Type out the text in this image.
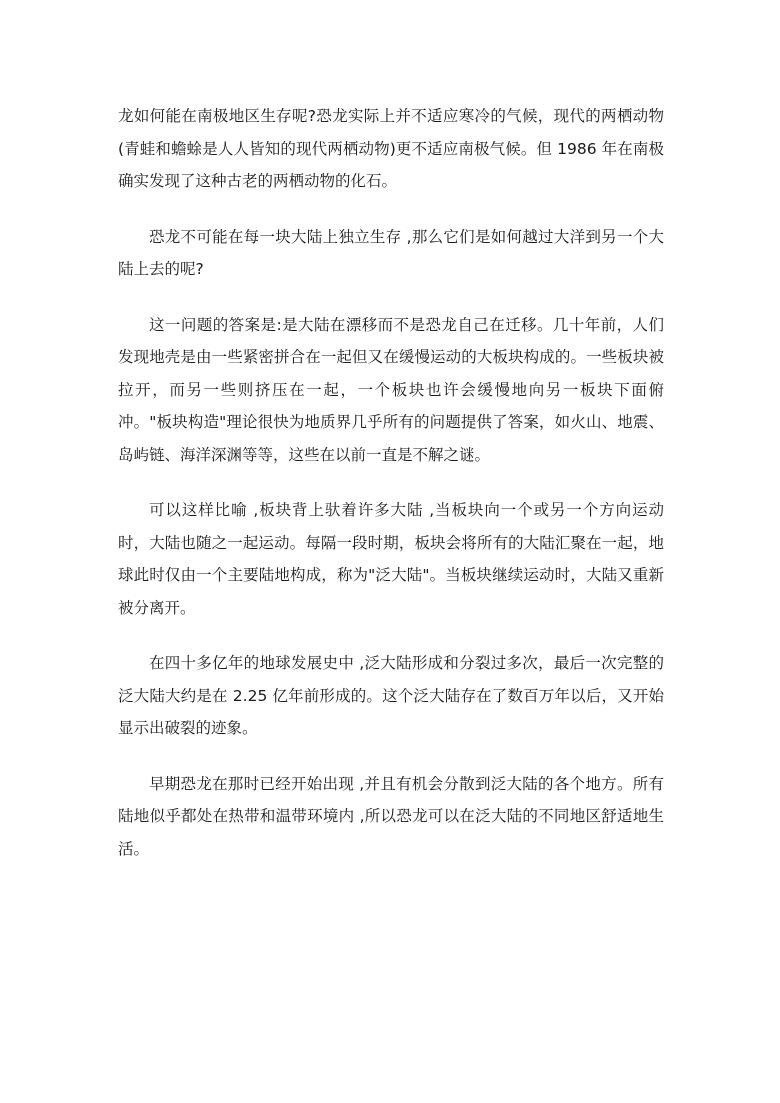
龙如何能在南极地区生存呢?恐龙实际上并不适应寒冷的气候，现代的两栖动物(青蛙和蟾蜍是人人皆知的现代两栖动物)更不适应南极气候。但 1986 年在南极确实发现了这种古老的两栖动物的化石。

恐龙不可能在每一块大陆上独立生存 ,那么它们是如何越过大洋到另一个大陆上去的呢?

这一问题的答案是:是大陆在漂移而不是恐龙自己在迁移。几十年前，人们发现地壳是由一些紧密拼合在一起但又在缓慢运动的大板块构成的。一些板块被拉开，而另一些则挤压在一起，一个板块也许会缓慢地向另一板块下面俯冲。"板块构造"理论很快为地质界几乎所有的问题提供了答案，如火山、地震、岛屿链、海洋深渊等等，这些在以前一直是不解之谜。

可以这样比喻 ,板块背上驮着许多大陆 ,当板块向一个或另一个方向运动时，大陆也随之一起运动。每隔一段时期，板块会将所有的大陆汇聚在一起，地球此时仅由一个主要陆地构成，称为"泛大陆"。当板块继续运动时，大陆又重新被分离开。

在四十多亿年的地球发展史中 ,泛大陆形成和分裂过多次，最后一次完整的泛大陆大约是在 2.25 亿年前形成的。这个泛大陆存在了数百万年以后，又开始显示出破裂的迹象。

早期恐龙在那时已经开始出现 ,并且有机会分散到泛大陆的各个地方。所有陆地似乎都处在热带和温带环境内 ,所以恐龙可以在泛大陆的不同地区舒适地生活。
